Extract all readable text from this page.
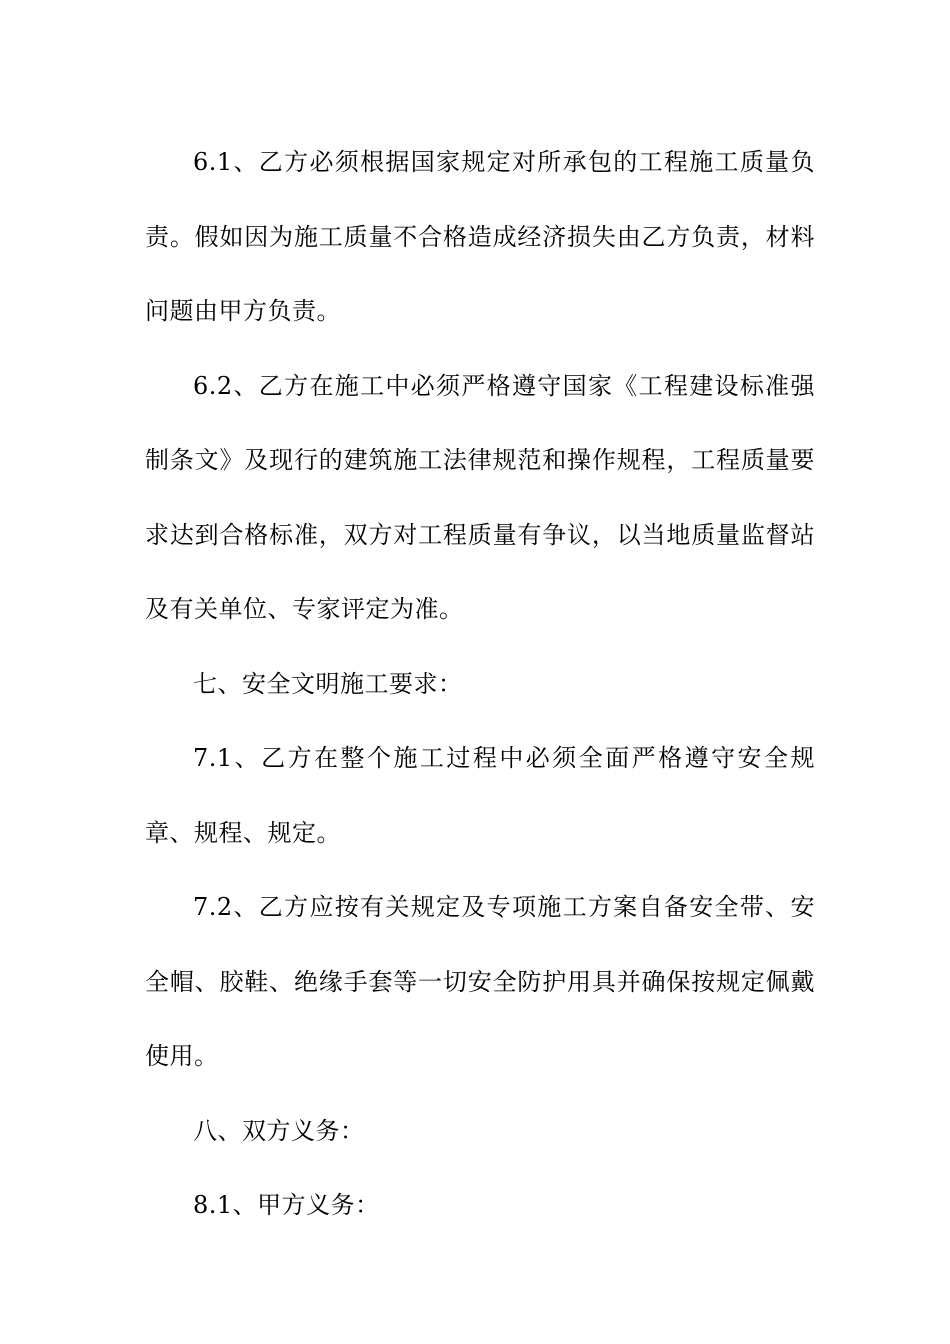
6.1、乙方必须根据国家规定对所承包的工程施工质量负责。假如因为施工质量不合格造成经济损失由乙方负责，材料问题由甲方负责。

6.2、乙方在施工中必须严格遵守国家《工程建设标准强制条文》及现行的建筑施工法律规范和操作规程，工程质量要求达到合格标准，双方对工程质量有争议，以当地质量监督站及有关单位、专家评定为准。

七、安全文明施工要求：

7.1、乙方在整个施工过程中必须全面严格遵守安全规章、规程、规定。

7.2、乙方应按有关规定及专项施工方案自备安全带、安全帽、胶鞋、绝缘手套等一切安全防护用具并确保按规定佩戴使用。

八、双方义务：

8.1、甲方义务：
